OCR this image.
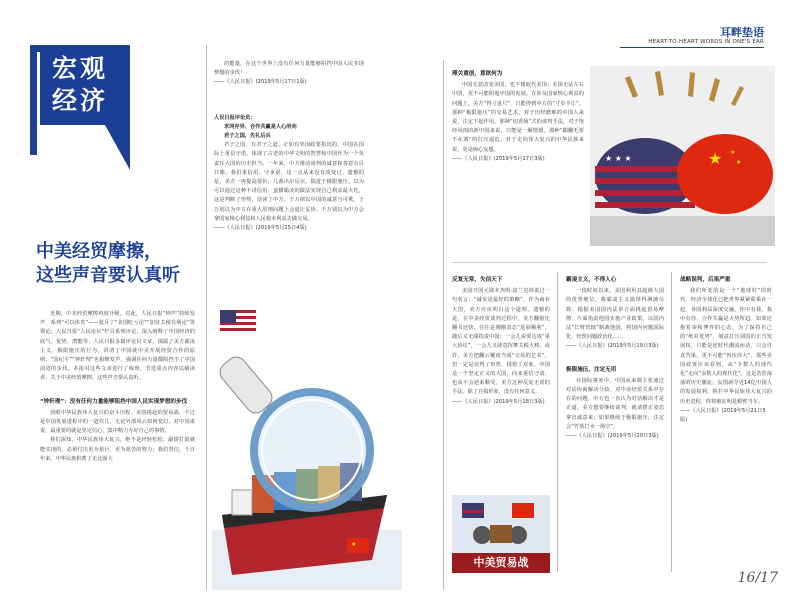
耳畔垫语
HEART-TO-HEART WORDS IN ONE'S EAR
宏观
经济
中美经贸摩擦，
这些声音要认真听

近期，中美经贸摩擦再度升级。对此，人民日报“钟声”持续发声，系列“可以休矣”——驳斥了“美国吃亏论”“加征关税有利论”等谬论；人民日报“人民论坛”栏目系列评论，深入阐释了中国经济的底气、优势、潜能等；人民日报多篇评论员文章，揭露了美方霸凌主义、极限施压的行为，讲清了中国就中美开展经贸合作的原则；“国纪平”“钟轩理”也相继发声，强调任何力量都阻挡不了中国前进的步伐。本报对这些文章进行了梳理，节选重点内容以飨读者。关于中美经贸摩擦，这些声音要认真听。

“钟轩理”：没有任何力量能够阻挡中国人民实现梦想的步伐

放眼中华民族伟大复兴的奋斗历程，美国挑起的贸易战，不过是中国发展进程中的一道坎儿，无论外部风云如何变幻，对中国来说，最重要的就是坚定信心、集中精力办好自己的事情。

我们深知，中华民族伟大复兴，绝不是轻轻松松、敲锣打鼓就能实现的，必须付出更为艰巨、更为艰苦的努力；我们坚信，千百年来，中华民族积蓄了无比强大

的能量，在这个世界上没有任何力量能够阻挡中国人民实现梦想的步伐！

——《人民日报》(2019年5月17日1版)
人民日报评论员：
求同存异、合作共赢是人心所向
君子之国，先礼后兵

君子之国，有君子之道。正如有外国政要指出的，中国在国际上重信守诺，体现了古老的中华文明的智慧和中国作为一个负责任大国的历史担当。一年来，中方推动谈判的诚意和善意有目共睹。我们重信用、守承诺，这一点从来没有改变过。遗憾的是，美方一再提高要价，几番出尔反尔，搞进于极限施压，以为可以通过这种不讲信用、蛮横霸凌的做法实现自己利益最大化，这是判断了形势，误读了中方。于万则以中国的诚意当可欺，于万别以为中方在重大原则问题上会退让妥协。千万别以为中方会拿国家核心利益和人民根本利益去做交易。

——《人民日报》(2019年5月15日4版)
★
滞关重创，意欲何为

中国无意改变美国，也不想取代美国；美国无法左右中国，更不可能阻遏中国的发展。在涉及国家核心利益的问题上，美方“得寸进尺”，只能得到中方的“寸步不让”。那种“极限施压”的交易艺术，对于历经磨难的中国人来说，注定不起作用。那种“切香肠”式的谈判手法，对于饱经风雨的新中国来说，只能是一厢情愿。那种“踹翻毛要不在酒”的打压逼迫，对于走向伟大复兴的中华民族来说，更是痴心妄想。

——《人民日报》(2019年5月17日3版)	★ ★ ★	★ ★
★
反复无常，失信天下

美国开国元勋本杰明·富兰克林说过一句名言：“诚实是最好的策略”，作为商业大国，美方应该明白这个道理。遗憾的是，在中美经贸谈判过程中，美方翻脸比翻书还快，往往是刚刚表态“进展顺利”，随后又无端指责中国；一会儿说要达成“重大协议”，一会儿又肆意挥舞关税大棒。或许，美方把翻云覆雨当成“交易的艺术”，但一定是误判了形势，找错了对象。中国是一个坚定正义的大国，向来重信守诺，也从不会逆来顺受。美方这种反复无常的手法，除了自损形象，没有任何意义。

——《人民日报》(2019年5月18日3版)
中美贸易战
霸凌主义，不得人心

一段时间以来，美国利用其超级大国的优势地位，将霸凌主义演绎得淋漓尽致：根据美国国内法单方面挑起贸易摩擦，片面指责他国实施产业政策，以国内法“长臂管辖”制裁他国，将国内问题国际化、经贸问题政治化……

——《人民日报》(2019年5月19日3版)
极限施压，注定无用

在国际事务中，中国从来都主张通过对话协商解决分歧。对中美经贸关系中存在的问题，中方也一直认为对话解决才是正道。美方想要继续谈判，就请摆正姿态拿出诚意来；如果继续于极限施压，注定会“竹篮打水一场空”。

——《人民日报》(2019年5月20日3版)
战略误判，后果严重

我们所处的是一个“地球村”的时代，经济全球化已把世界紧紧联系在一起，各国利益深度交融，你中有我、我中有你，合作共赢是大势所趋。如果还抱着零和博弈的心态，为了保持自己的“绝对优势”，刻意打压别国的正当发展权，只能是逆时代潮流而动，只会自食苦果，更不可能“再次伟大”。那些美国政客应该看到，从“少数人的现代化”走向“多数人的现代化”，这是浩浩荡荡的历史潮流；妄图剥夺近14亿中国人的发展权利，阻拦中华民族伟大复兴的历史进程，终将被证明是螳臂当车。

——《人民日报》(2019年5月21日3版)
16/17
